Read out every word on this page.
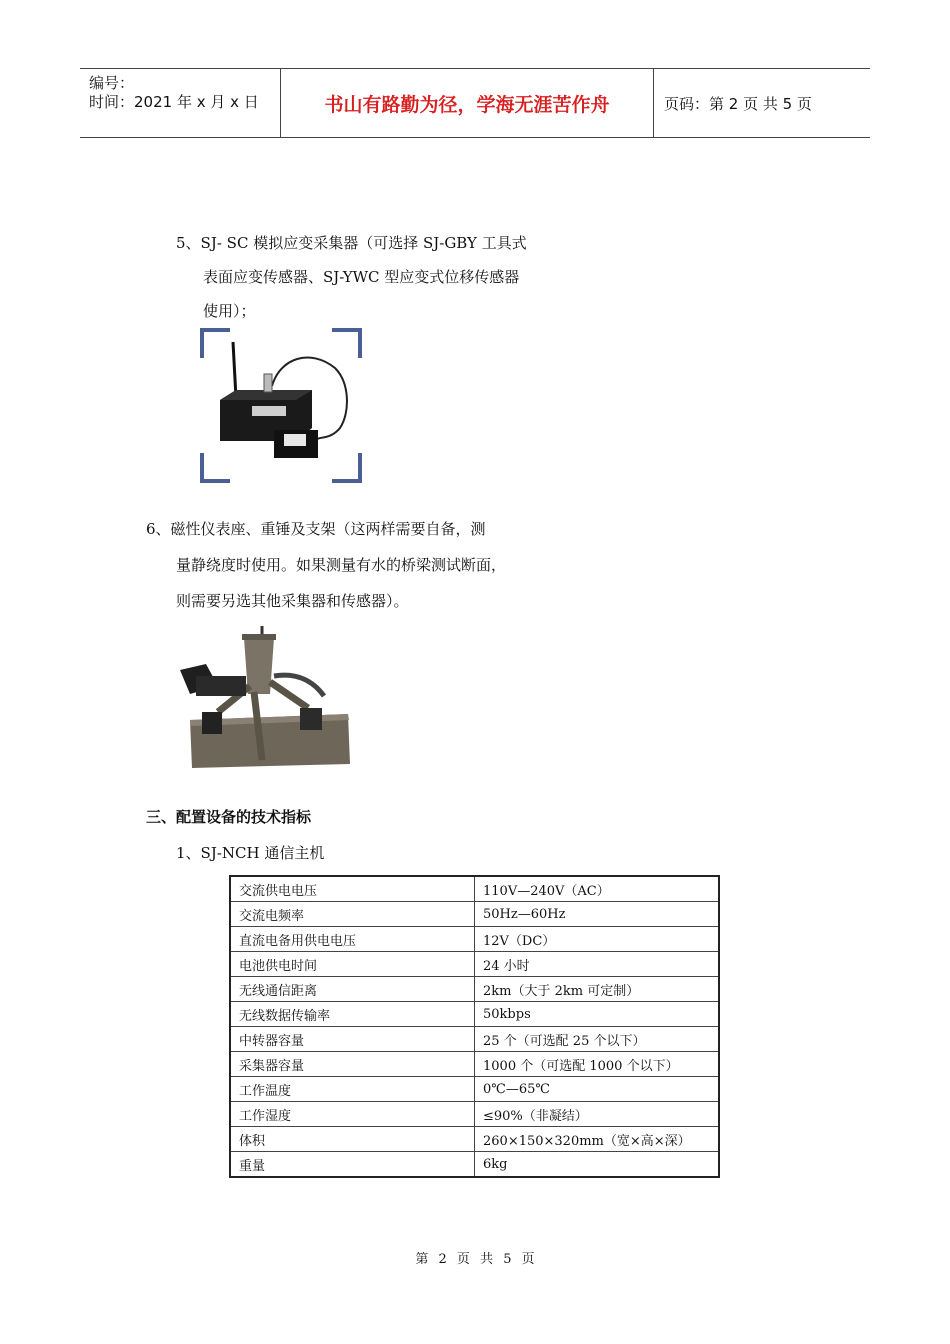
编号：
时间：2021 年 x 月 x 日	书山有路勤为径，学海无涯苦作舟	页码：第 2 页 共 5 页
5、SJ- SC 模拟应变采集器（可选择 SJ-GBY 工具式
表面应变传感器、SJ-YWC 型应变式位移传感器
使用）；
6、磁性仪表座、重锤及支架（这两样需要自备，测
量静绕度时使用。如果测量有水的桥梁测试断面，
则需要另选其他采集器和传感器）。
三、配置设备的技术指标
1、SJ-NCH 通信主机
交流供电电压	110V—240V（AC）
交流电频率	50Hz—60Hz
直流电备用供电电压	12V（DC）
电池供电时间	24 小时
无线通信距离	2km（大于 2km 可定制）
无线数据传输率	50kbps
中转器容量	25 个（可选配 25 个以下）
采集器容量	1000 个（可选配 1000 个以下）
工作温度	0℃—65℃
工作湿度	≤90%（非凝结）
体积	260×150×320mm（宽×高×深）
重量	6kg
第 2 页 共 5 页
